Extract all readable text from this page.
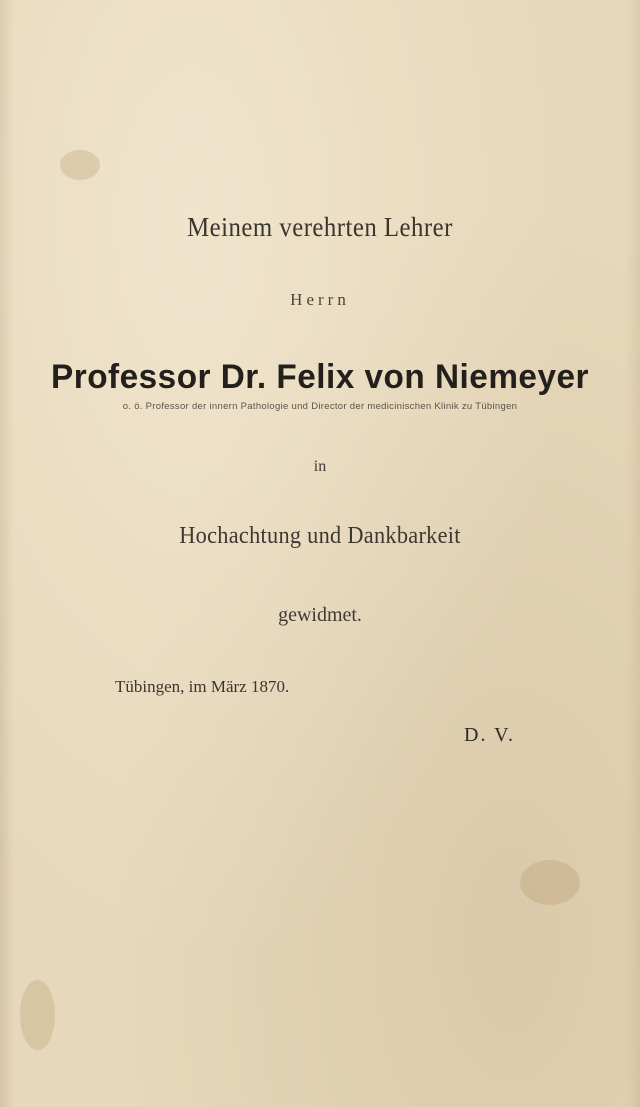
Meinem verehrten Lehrer
Herrn
Professor Dr. Felix von Niemeyer
o. ö. Professor der innern Pathologie und Director der medicinischen Klinik zu Tübingen
in
Hochachtung und Dankbarkeit
gewidmet.
Tübingen, im März 1870.
D. V.
